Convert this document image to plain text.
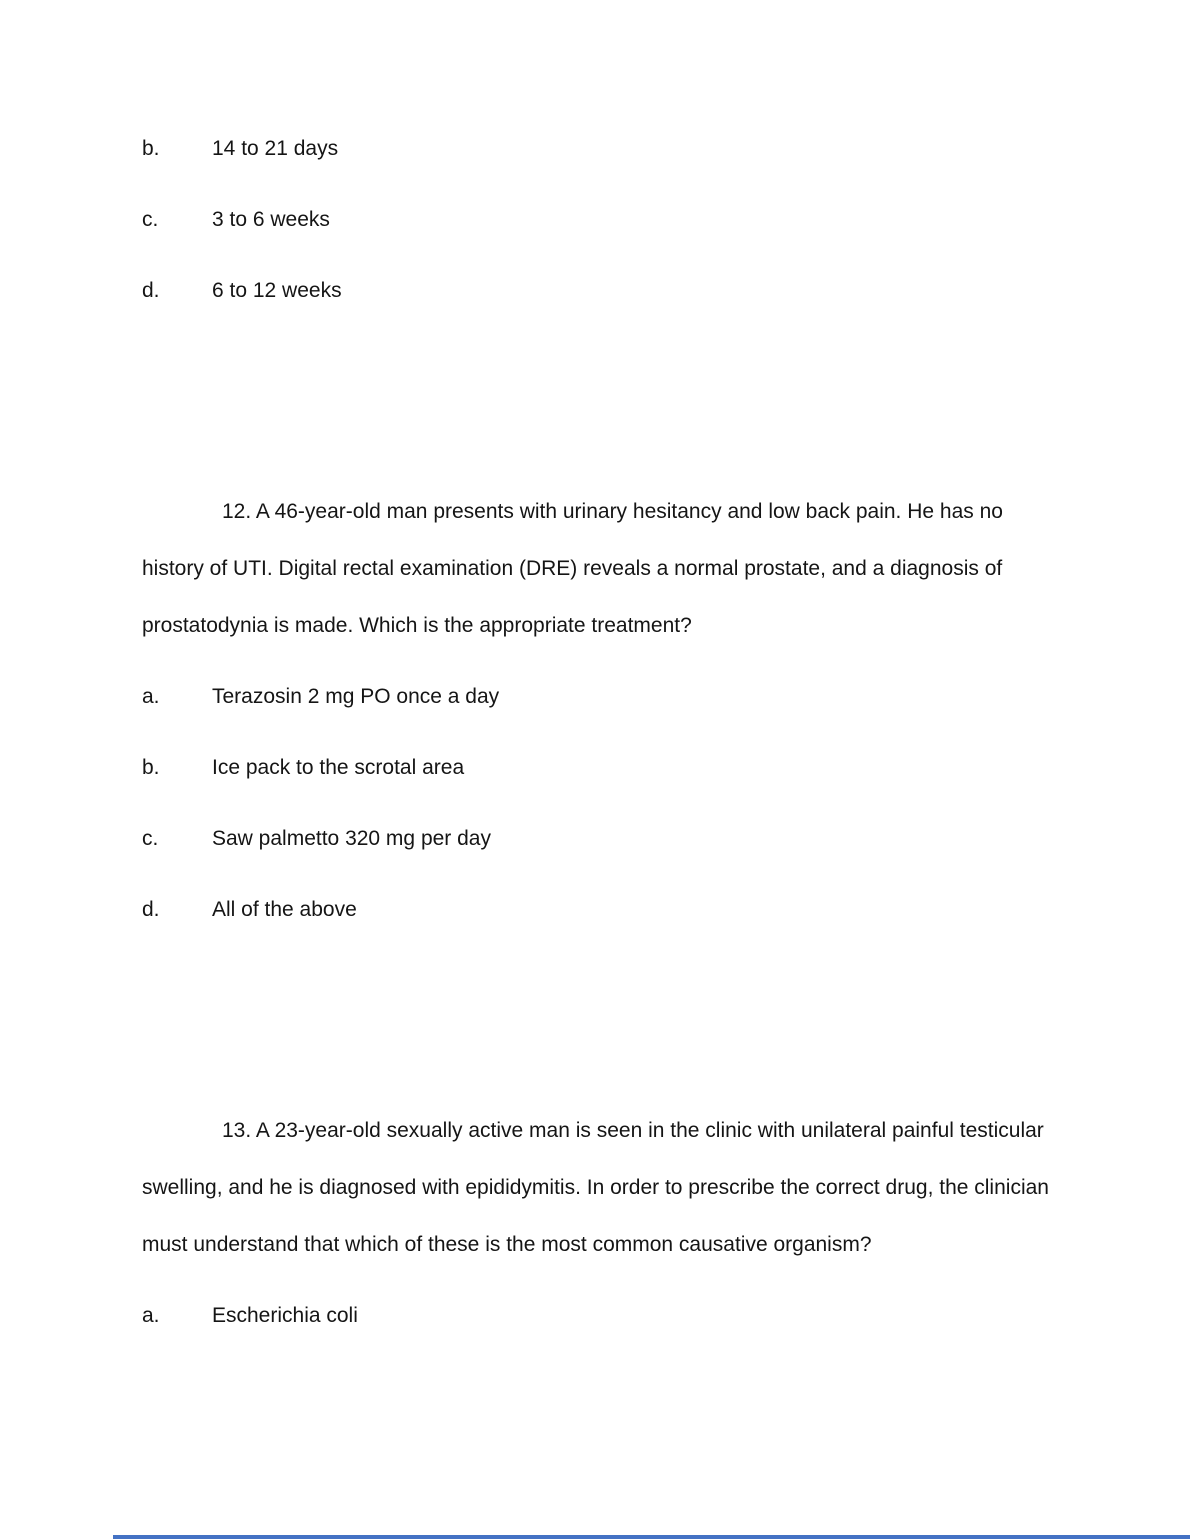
b. 14 to 21 days
c.	3 to 6 weeks
d. 6 to 12 weeks

12. A 46-year-old man presents with urinary hesitancy and low back pain. He has no history of UTI. Digital rectal examination (DRE) reveals a normal prostate, and a diagnosis of prostatodynia is made. Which is the appropriate treatment?

a. Terazosin 2 mg PO once a day
b. Ice pack to the scrotal area
c.	Saw palmetto 320 mg per day
d. All of the above

13. A 23-year-old sexually active man is seen in the clinic with unilateral painful testicular swelling, and he is diagnosed with epididymitis. In order to prescribe the correct drug, the clinician must understand that which of these is the most common causative organism?

a. Escherichia coli
